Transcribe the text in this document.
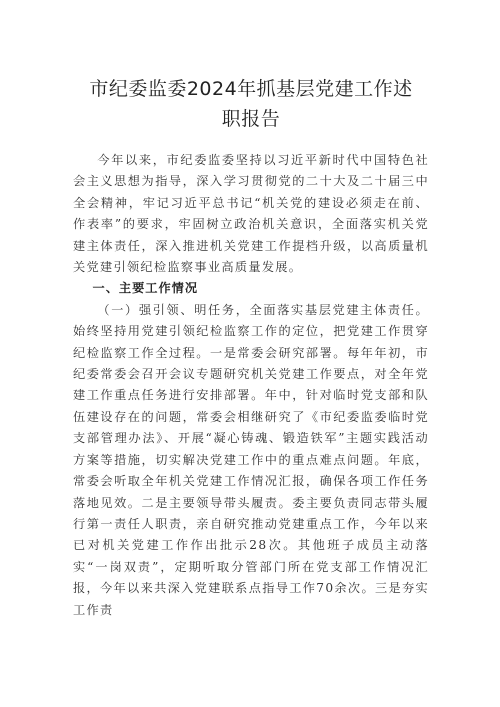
市纪委监委2024年抓基层党建工作述职报告

今年以来，市纪委监委坚持以习近平新时代中国特色社会主义思想为指导，深入学习贯彻党的二十大及二十届三中全会精神，牢记习近平总书记“机关党的建设必须走在前、作表率”的要求，牢固树立政治机关意识，全面落实机关党建主体责任，深入推进机关党建工作提档升级，以高质量机关党建引领纪检监察事业高质量发展。

一、主要工作情况

（一）强引领、明任务，全面落实基层党建主体责任。始终坚持用党建引领纪检监察工作的定位，把党建工作贯穿纪检监察工作全过程。一是常委会研究部署。每年年初，市纪委常委会召开会议专题研究机关党建工作要点，对全年党建工作重点任务进行安排部署。年中，针对临时党支部和队伍建设存在的问题，常委会相继研究了《市纪委监委临时党支部管理办法》、开展“凝心铸魂、锻造铁军”主题实践活动方案等措施，切实解决党建工作中的重点难点问题。年底，常委会听取全年机关党建工作情况汇报，确保各项工作任务落地见效。二是主要领导带头履责。委主要负责同志带头履行第一责任人职责，亲自研究推动党建重点工作，今年以来已对机关党建工作作出批示28次。其他班子成员主动落实“一岗双责”，定期听取分管部门所在党支部工作情况汇报，今年以来共深入党建联系点指导工作70余次。三是夯实工作责
